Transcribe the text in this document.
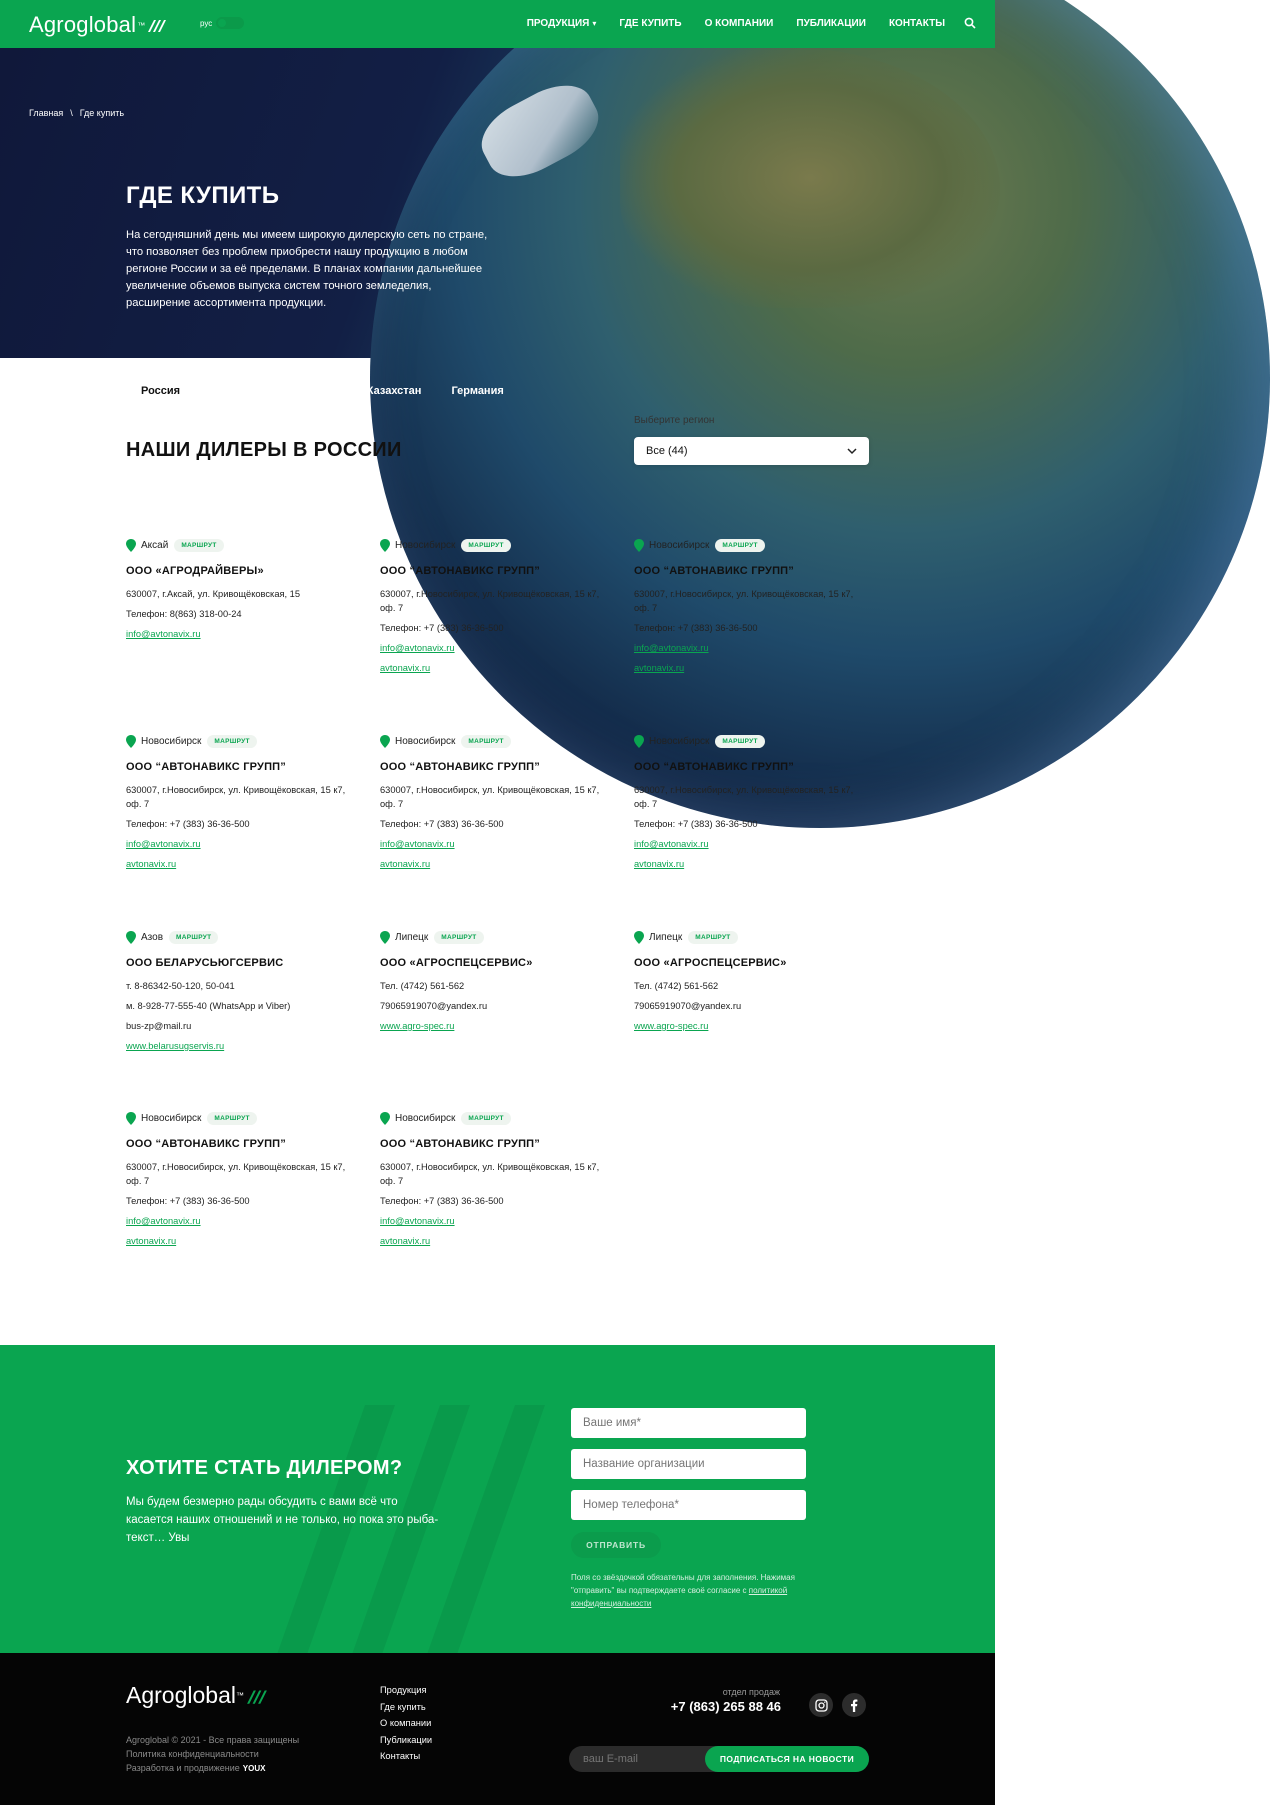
Agroglobal ™	рус	ПРОДУКЦИЯ ▾ ГДЕ КУПИТЬ О КОМПАНИИ ПУБЛИКАЦИИ КОНТАКТЫ
Главная \ Где купить
ГДЕ КУПИТЬ

На сегодняшний день мы имеем широкую дилерскую сеть по стране, что позволяет без проблем приобрести нашу продукцию в любом регионе России и за её пределами. В планах компании дальнейшее увеличение объемов выпуска систем точного земледелия, расширение ассортимента продукции.

Россия	Беларусь	Украина	Казахстан	Германия
НАШИ ДИЛЕРЫ В РОССИИ
Выберите регион
Все (44)
Аксай	МАРШРУТ
ООО «АГРОДРАЙВЕРЫ»
630007, г.Аксай, ул. Кривощёковская, 15
Телефон: 8(863) 318-00-24
info@avtonavix.ru
Новосибирск	МАРШРУТ
ООО “АВТОНАВИКС ГРУПП”
630007, г.Новосибирск, ул. Кривощёковская, 15 к7, оф. 7
Телефон: +7 (383) 36-36-500
info@avtonavix.ru
avtonavix.ru
Новосибирск	МАРШРУТ
ООО “АВТОНАВИКС ГРУПП”
630007, г.Новосибирск, ул. Кривощёковская, 15 к7, оф. 7
Телефон: +7 (383) 36-36-500
info@avtonavix.ru
avtonavix.ru
Новосибирск	МАРШРУТ
ООО “АВТОНАВИКС ГРУПП”
630007, г.Новосибирск, ул. Кривощёковская, 15 к7, оф. 7
Телефон: +7 (383) 36-36-500
info@avtonavix.ru
avtonavix.ru
Новосибирск	МАРШРУТ
ООО “АВТОНАВИКС ГРУПП”
630007, г.Новосибирск, ул. Кривощёковская, 15 к7, оф. 7
Телефон: +7 (383) 36-36-500
info@avtonavix.ru
avtonavix.ru
Новосибирск	МАРШРУТ
ООО “АВТОНАВИКС ГРУПП”
630007, г.Новосибирск, ул. Кривощёковская, 15 к7, оф. 7
Телефон: +7 (383) 36-36-500
info@avtonavix.ru
avtonavix.ru
Азов	МАРШРУТ
ООО БЕЛАРУСЬЮГСЕРВИС
т. 8-86342-50-120, 50-041
м. 8-928-77-555-40 (WhatsApp и Viber)
bus-zp@mail.ru
www.belarusugservis.ru
Липецк	МАРШРУТ
ООО «АГРОСПЕЦСЕРВИС»
Тел. (4742) 561-562
79065919070@yandex.ru
www.agro-spec.ru
Липецк	МАРШРУТ
ООО «АГРОСПЕЦСЕРВИС»
Тел. (4742) 561-562
79065919070@yandex.ru
www.agro-spec.ru
Новосибирск	МАРШРУТ
ООО “АВТОНАВИКС ГРУПП”
630007, г.Новосибирск, ул. Кривощёковская, 15 к7, оф. 7
Телефон: +7 (383) 36-36-500
info@avtonavix.ru
avtonavix.ru
Новосибирск	МАРШРУТ
ООО “АВТОНАВИКС ГРУПП”
630007, г.Новосибирск, ул. Кривощёковская, 15 к7, оф. 7
Телефон: +7 (383) 36-36-500
info@avtonavix.ru
avtonavix.ru
ХОТИТЕ СТАТЬ ДИЛЕРОМ?

Мы будем безмерно рады обсудить с вами всё что касается наших отношений и не только, но пока это рыба-текст… Увы

Ваше имя*
Название организации
Номер телефона*
ОТПРАВИТЬ

Поля со звёздочкой обязательны для заполнения. Нажимая "отправить" вы подтверждаете своё согласие с политикой конфиденциальности

Agroglobal ™
Agroglobal © 2021 - Все права защищены
Политика конфиденциальности
Разработка и продвижение YOUX
Продукция
Где купить
О компании
Публикации
Контакты
отдел продаж
+7 (863) 265 88 46
ваш E-mail
ПОДПИСАТЬСЯ НА НОВОСТИ
